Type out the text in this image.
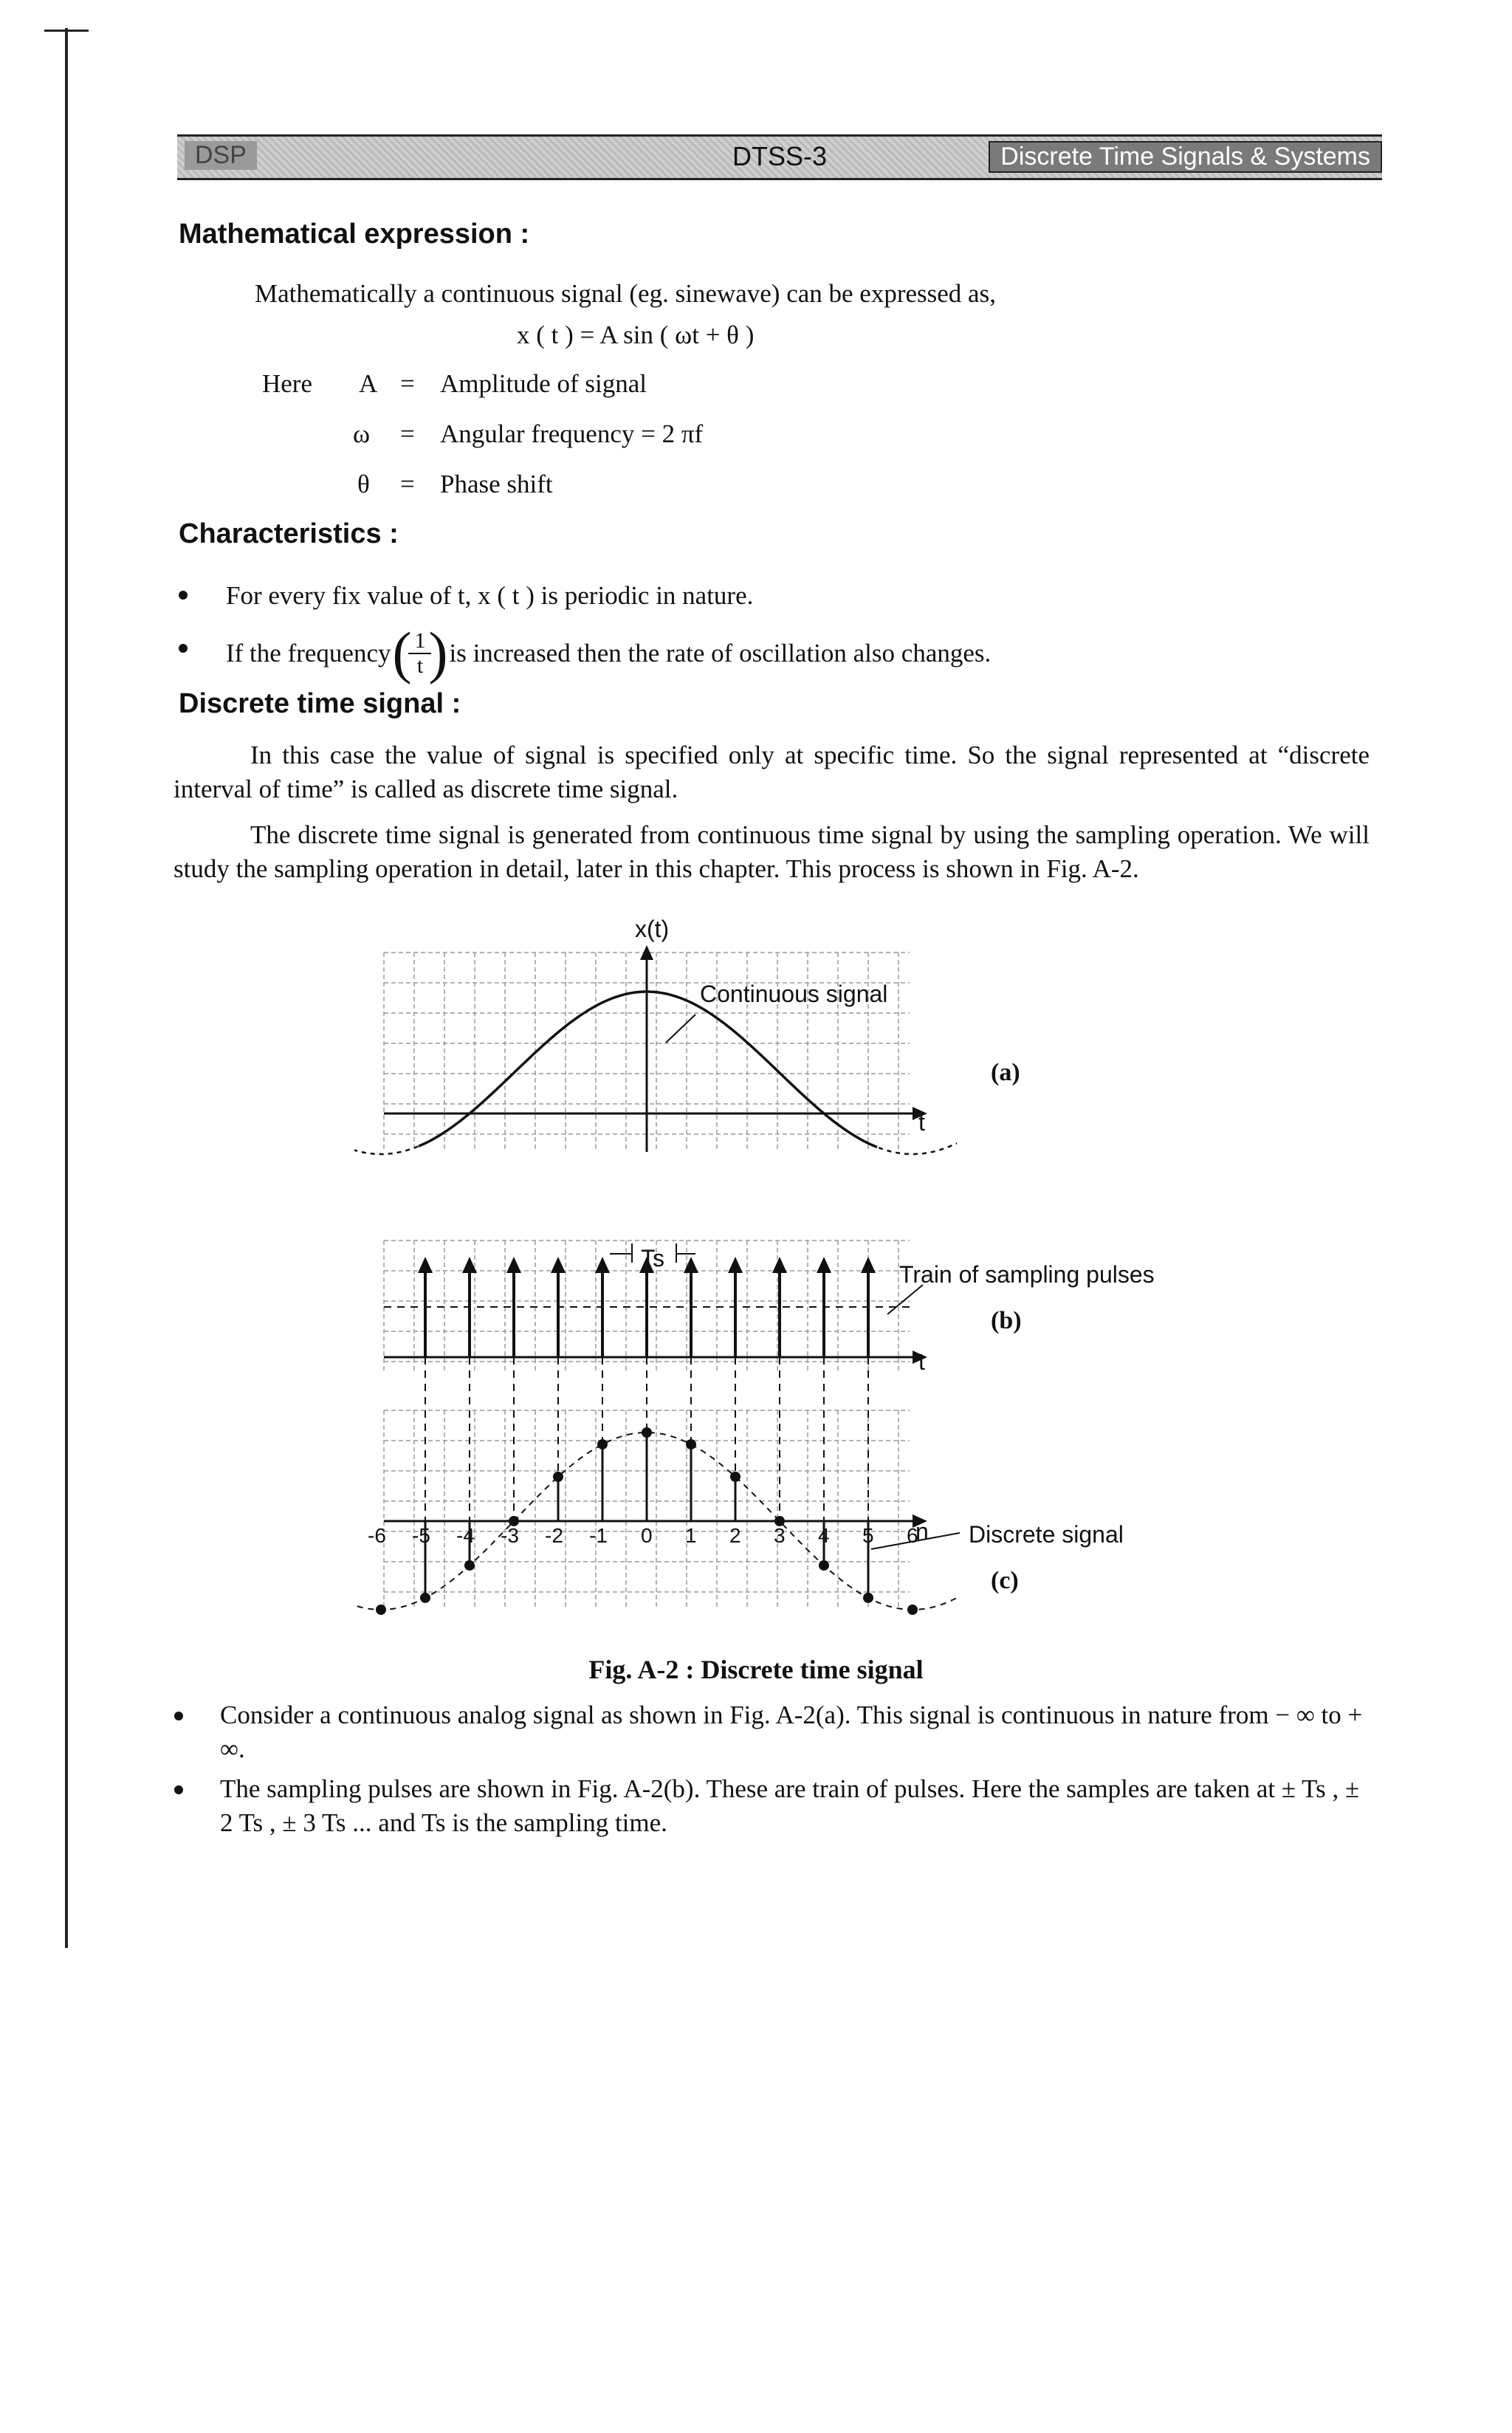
DSP	DTSS-3	Discrete Time Signals & Systems
Mathematical expression :
Mathematically a continuous signal (eg. sinewave) can be expressed as,
x ( t ) = A sin ( ωt + θ )
Here A = Amplitude of signal
ω = Angular frequency = 2 πf
θ = Phase shift
Characteristics :
For every fix value of t, x ( t ) is periodic in nature.
If the frequency ( 1
t ) is increased then the rate of oscillation also changes.
Discrete time signal :
In this case the value of signal is specified only at specific time. So the signal represented at “discrete interval of time” is called as discrete time signal.
The discrete time signal is generated from continuous time signal by using the sampling operation. We will study the sampling operation in detail, later in this chapter. This process is shown in Fig. A-2.
x(t)
Continuous signal
t
(a)
Ts
Train of sampling pulses
(b)
t
n Discrete signal
(c)
-6 -5 -4 -3 -2 -1 0 1 2 3 4 5 6
Fig. A-2 : Discrete time signal
Consider a continuous analog signal as shown in Fig. A-2(a). This signal is continuous in nature from − ∞ to + ∞.
The sampling pulses are shown in Fig. A-2(b). These are train of pulses. Here the samples are taken at ± Ts , ± 2 Ts , ± 3 Ts ... and Ts is the sampling time.
